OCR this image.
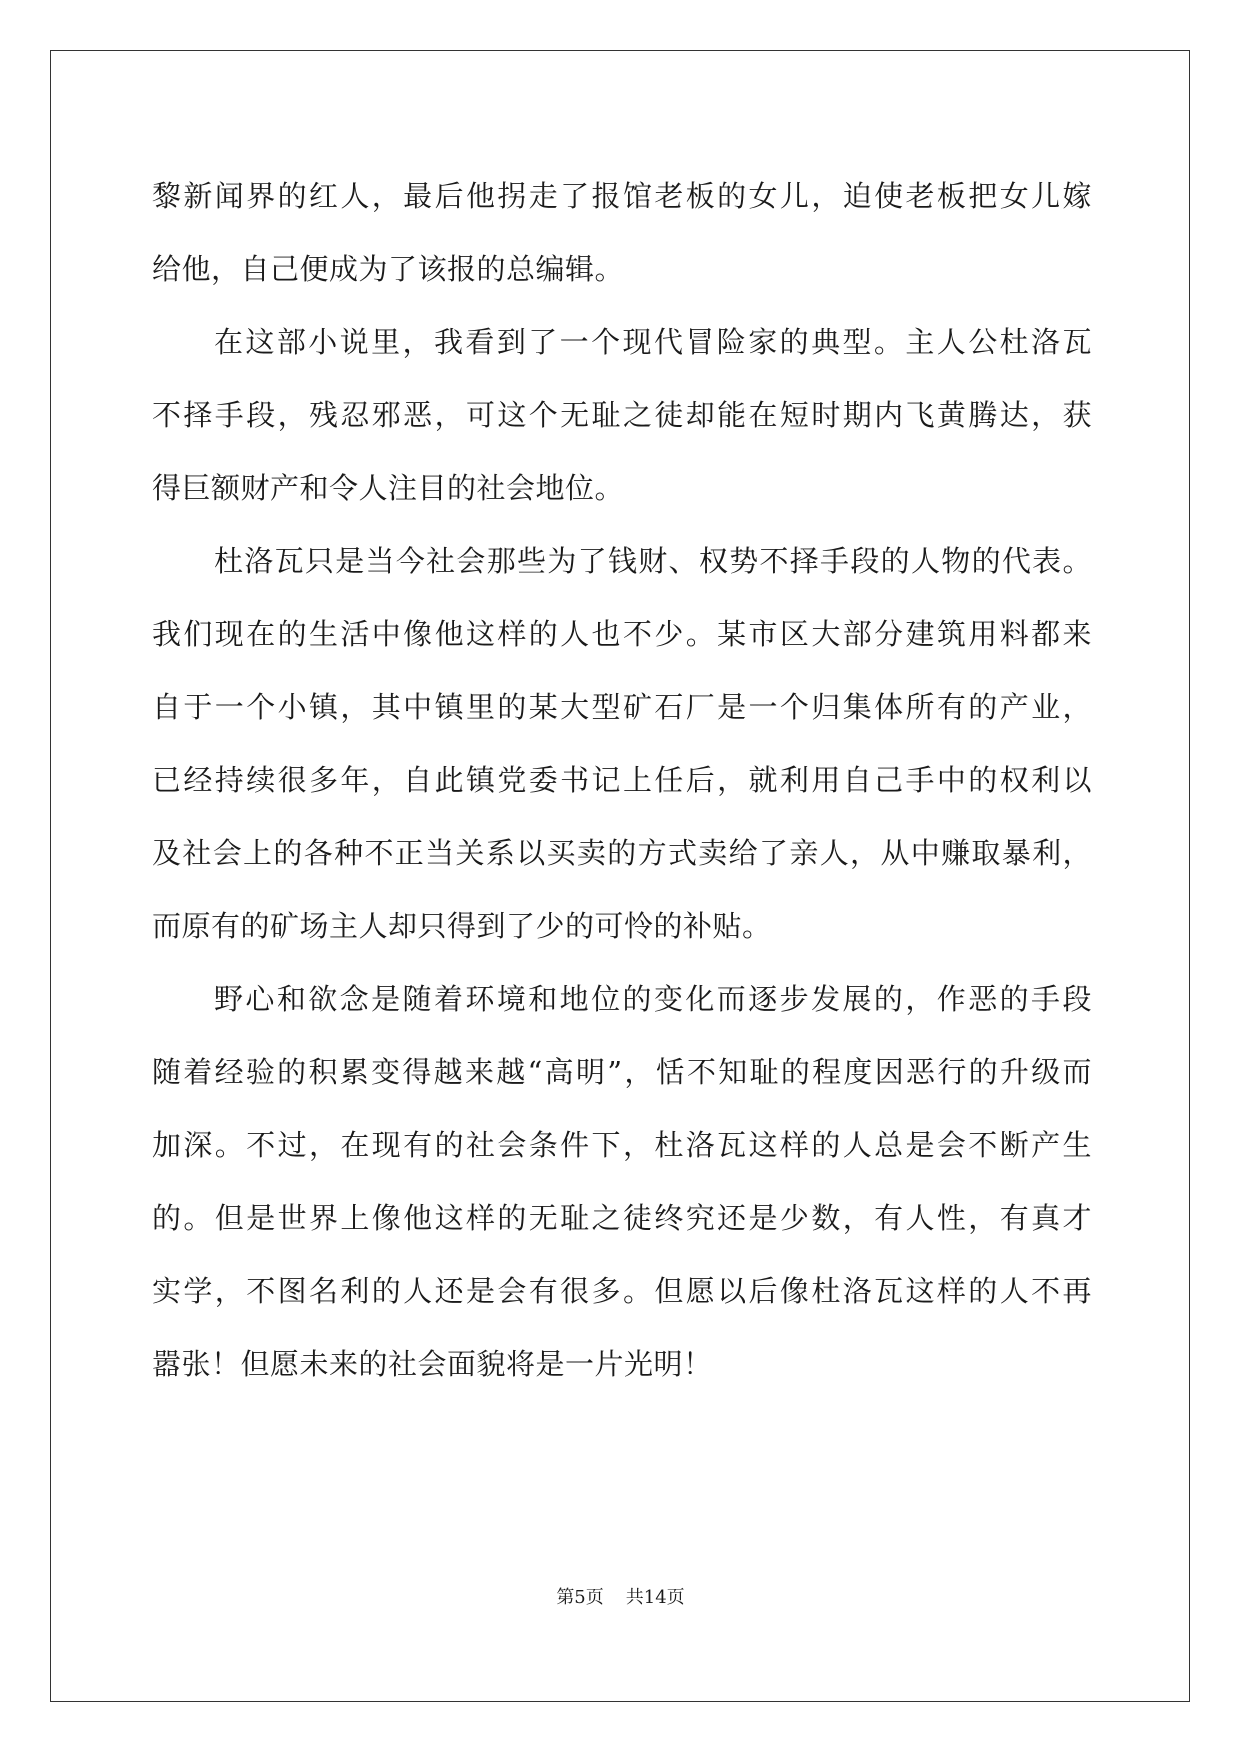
黎新闻界的红人，最后他拐走了报馆老板的女儿，迫使老板把女儿嫁
给他，自己便成为了该报的总编辑。

在这部小说里，我看到了一个现代冒险家的典型。主人公杜洛瓦
不择手段，残忍邪恶，可这个无耻之徒却能在短时期内飞黄腾达，获
得巨额财产和令人注目的社会地位。

杜洛瓦只是当今社会那些为了钱财、权势不择手段的人物的代表。
我们现在的生活中像他这样的人也不少。某市区大部分建筑用料都来
自于一个小镇，其中镇里的某大型矿石厂是一个归集体所有的产业，
已经持续很多年，自此镇党委书记上任后，就利用自己手中的权利以
及社会上的各种不正当关系以买卖的方式卖给了亲人，从中赚取暴利，
而原有的矿场主人却只得到了少的可怜的补贴。

野心和欲念是随着环境和地位的变化而逐步发展的，作恶的手段
随着经验的积累变得越来越“高明”，恬不知耻的程度因恶行的升级而
加深。不过，在现有的社会条件下，杜洛瓦这样的人总是会不断产生
的。但是世界上像他这样的无耻之徒终究还是少数，有人性，有真才
实学，不图名利的人还是会有很多。但愿以后像杜洛瓦这样的人不再
嚣张！但愿未来的社会面貌将是一片光明！

第5页 共14页
